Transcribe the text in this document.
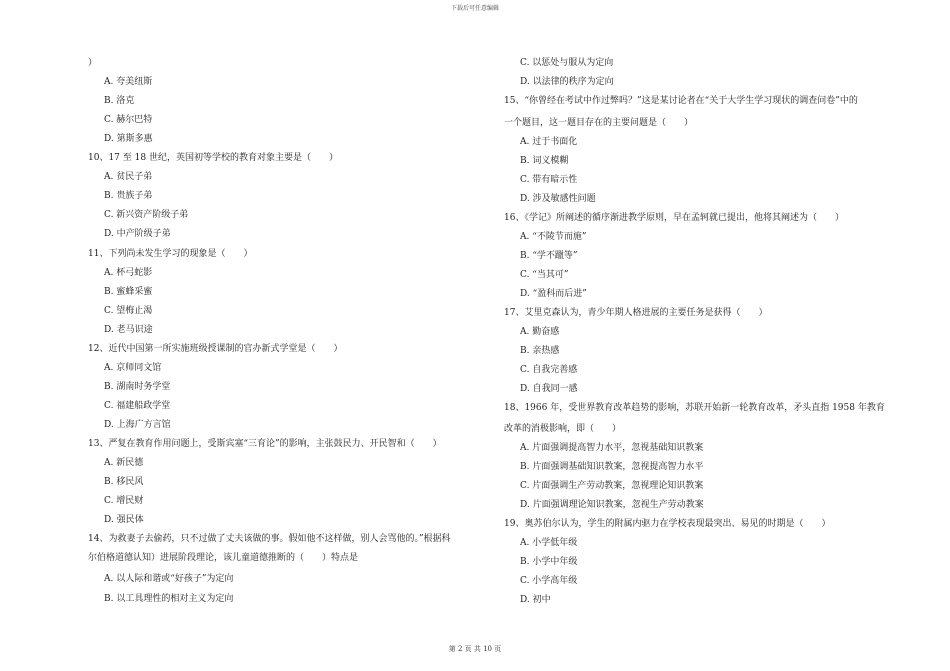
下载后可任意编辑
）
A. 夸美纽斯
B. 洛克
C. 赫尔巴特
D. 第斯多惠
10、17 至 18 世纪，英国初等学校的教育对象主要是（　　）
A. 贫民子弟
B. 贵族子弟
C. 新兴资产阶级子弟
D. 中产阶级子弟
11、下列尚未发生学习的现象是（　　）
A. 杯弓蛇影
B. 蜜蜂采蜜
C. 望梅止渴
D. 老马识途
12、近代中国第一所实施班级授课制的官办新式学堂是（　　）
A. 京师同文馆
B. 湖南时务学堂
C. 福建船政学堂
D. 上海广方言馆
13、严复在教育作用问题上，受斯宾塞“三育论”的影响，主张鼓民力、开民智和（　　）
A. 新民德
B. 移民风
C. 增民财
D. 强民体
14、为救妻子去偷药，只不过做了丈夫该做的事。假如他不这样做，别人会骂他的。”根据科
尔伯格道德认知）进展阶段理论，该儿童道德推断的（　　）特点是
A. 以人际和谐或“好孩子”为定向
B. 以工具理性的相对主义为定向
C. 以惩处与服从为定向
D. 以法律的秩序为定向
15、“你曾经在考试中作过弊吗？”这是某讨论者在“关于大学生学习现状的调查问卷”中的
一个题目，这一题目存在的主要问题是（　　）
A. 过于书面化
B. 词义模糊
C. 带有暗示性
D. 涉及敏感性问题
16、《学记》所阐述的循序渐进教学原则，早在孟轲就已提出，他将其阐述为（　　）
A. “不陵节而施”
B. “学不躐等”
C. “当其可”
D. “盈科而后进”
17、艾里克森认为，青少年期人格进展的主要任务是获得（　　）
A. 勤奋感
B. 亲热感
C. 自我完善感
D. 自我同一感
18、1966 年，受世界教育改革趋势的影响，苏联开始新一轮教育改革，矛头直指 1958 年教育
改革的消极影响，即（　　）
A. 片面强调提高智力水平，忽视基础知识教案
B. 片面强调基础知识教案，忽视提高智力水平
C. 片面强调生产劳动教案，忽视理论知识教案
D. 片面强调理论知识教案，忽视生产劳动教案
19、奥苏伯尔认为，学生的附属内驱力在学校表现最突出、易见的时期是（　　）
A. 小学低年级
B. 小学中年级
C. 小学高年级
D. 初中
第 2 页 共 10 页
